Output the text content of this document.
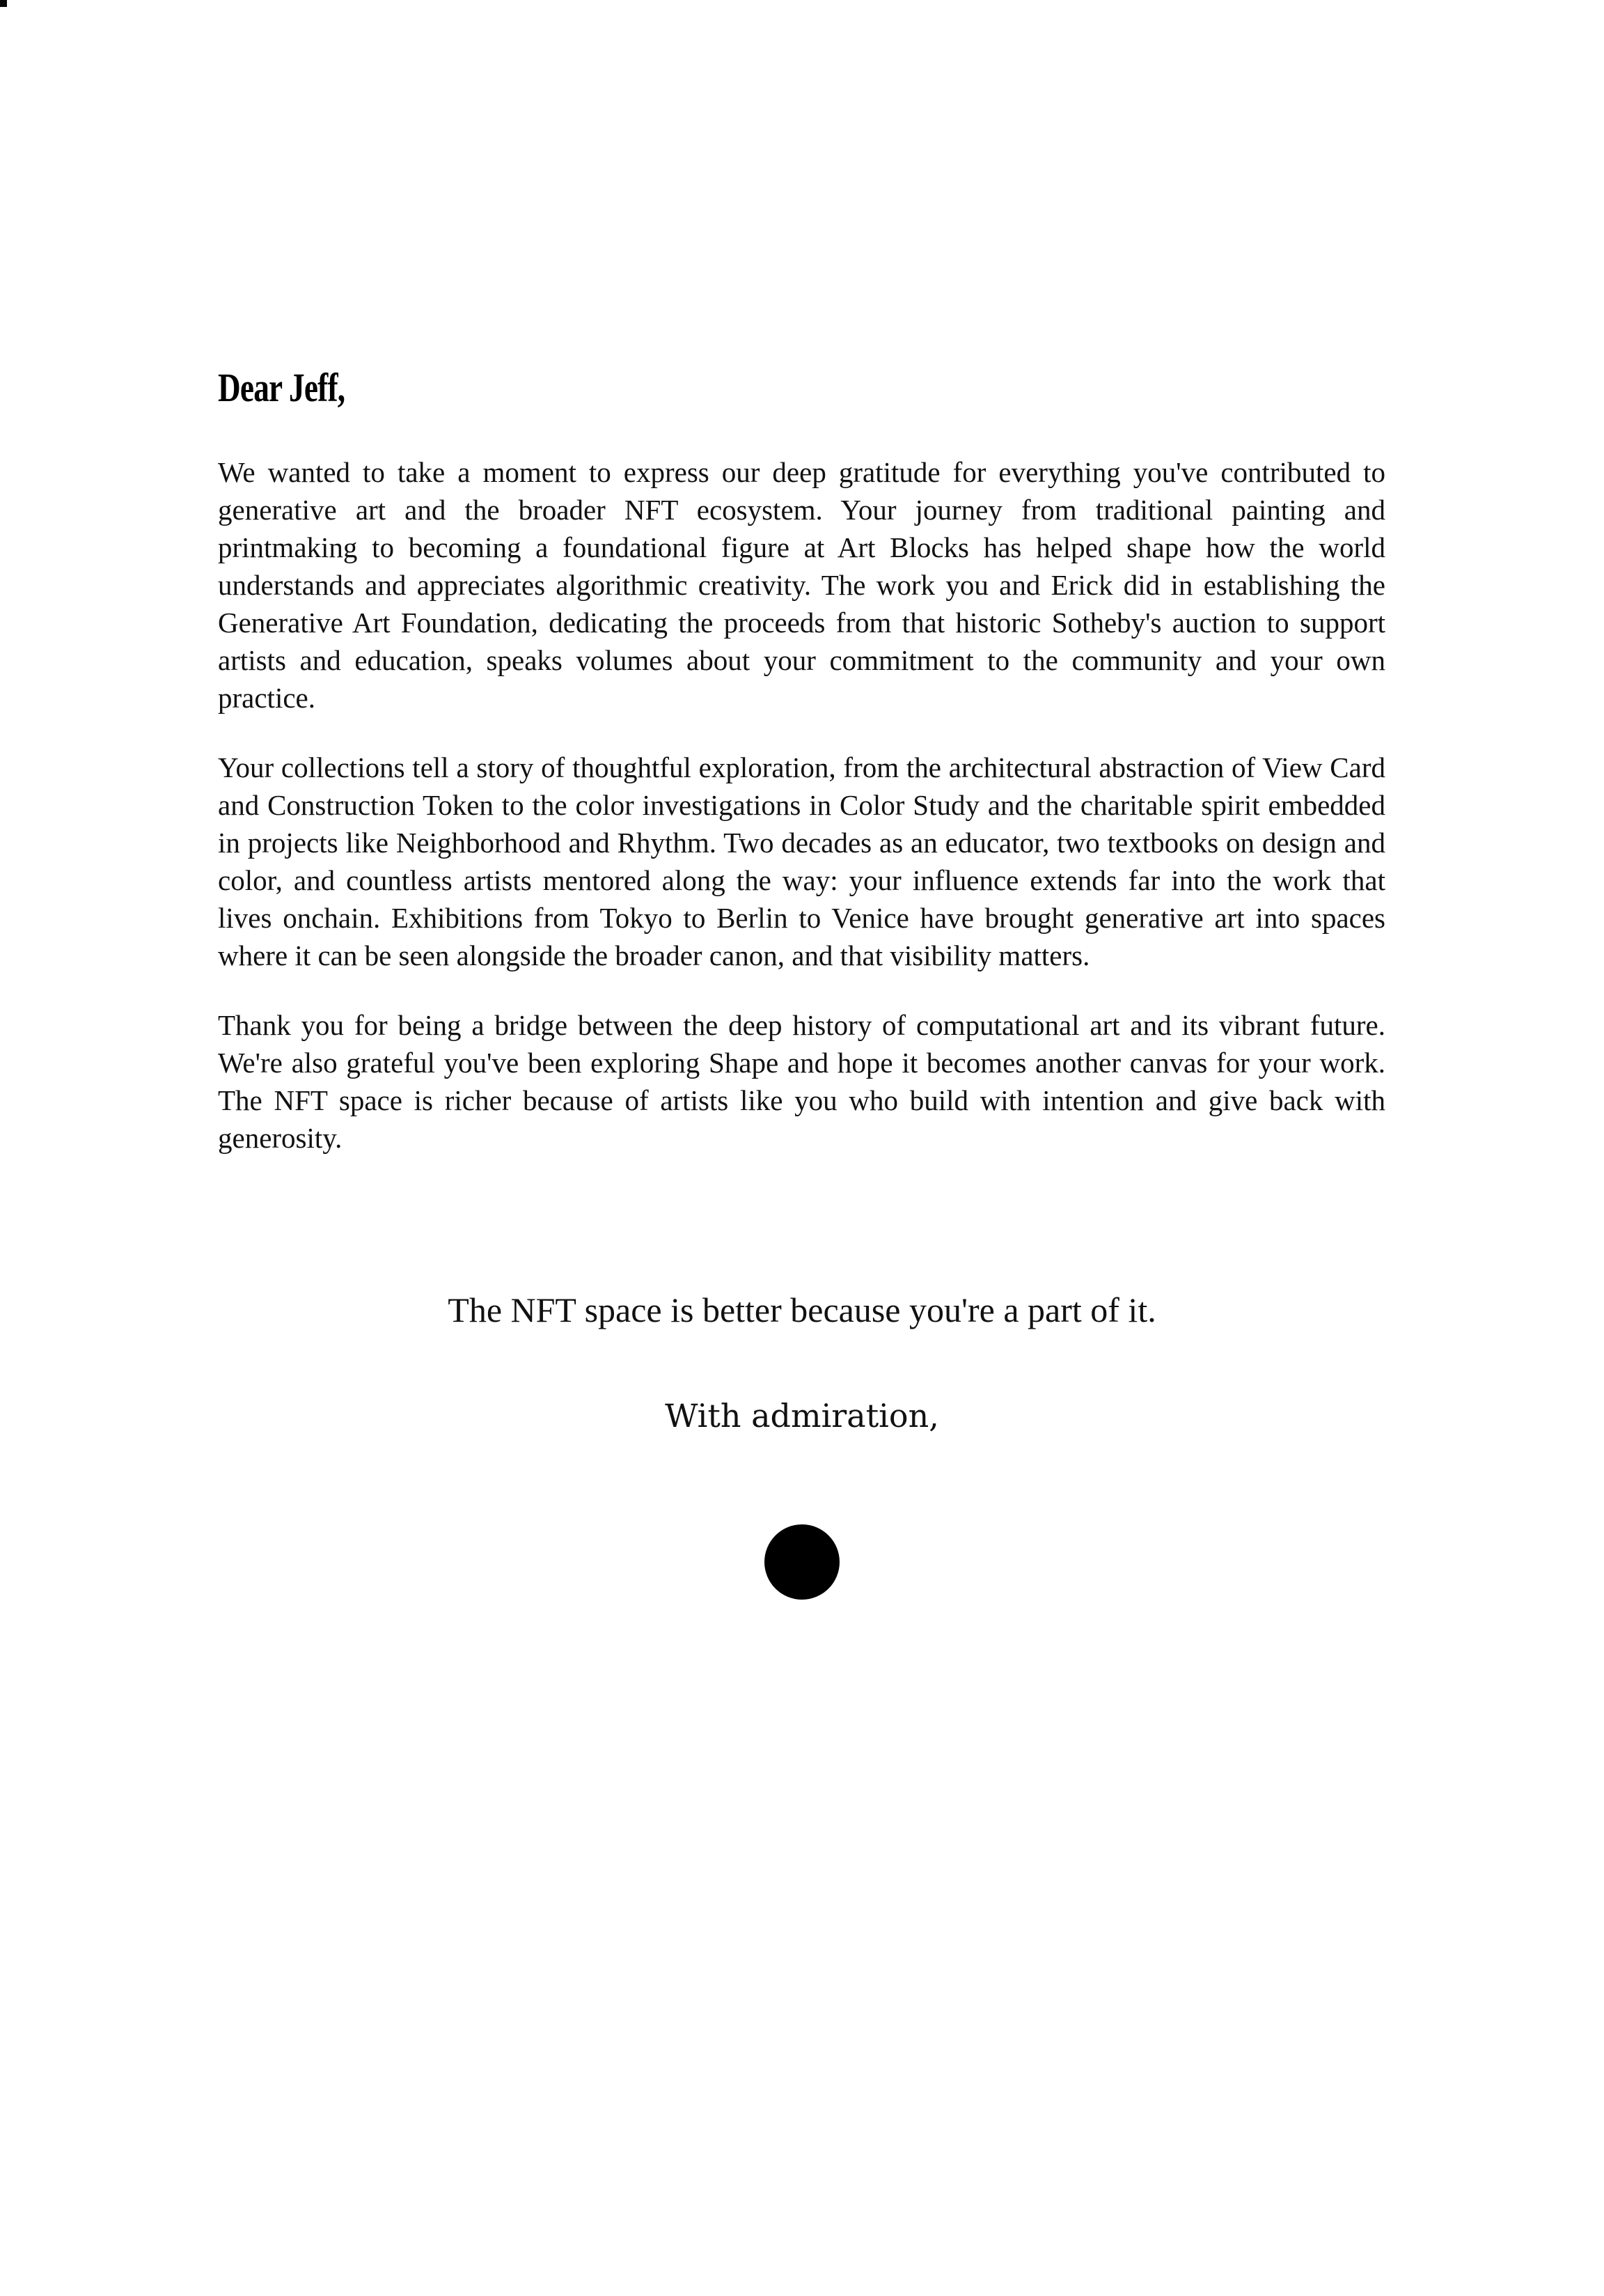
Dear Jeff,

We wanted to take a moment to express our deep gratitude for everything you've contributed to generative art and the broader NFT ecosystem. Your journey from traditional painting and printmaking to becoming a foundational figure at Art Blocks has helped shape how the world understands and appreciates algorithmic creativity. The work you and Erick did in establishing the Generative Art Foundation, dedicating the proceeds from that historic Sotheby's auction to support artists and education, speaks volumes about your commitment to the community and your own practice.

Your collections tell a story of thoughtful exploration, from the architectural abstraction of View Card and Construction Token to the color investigations in Color Study and the charitable spirit embedded in projects like Neighborhood and Rhythm. Two decades as an educator, two textbooks on design and color, and countless artists mentored along the way: your influence extends far into the work that lives onchain. Exhibitions from Tokyo to Berlin to Venice have brought generative art into spaces where it can be seen alongside the broader canon, and that visibility matters.

Thank you for being a bridge between the deep history of computational art and its vibrant future. We're also grateful you've been exploring Shape and hope it becomes another canvas for your work. The NFT space is richer because of artists like you who build with intention and give back with generosity.

The NFT space is better because you're a part of it.

With admiration,
